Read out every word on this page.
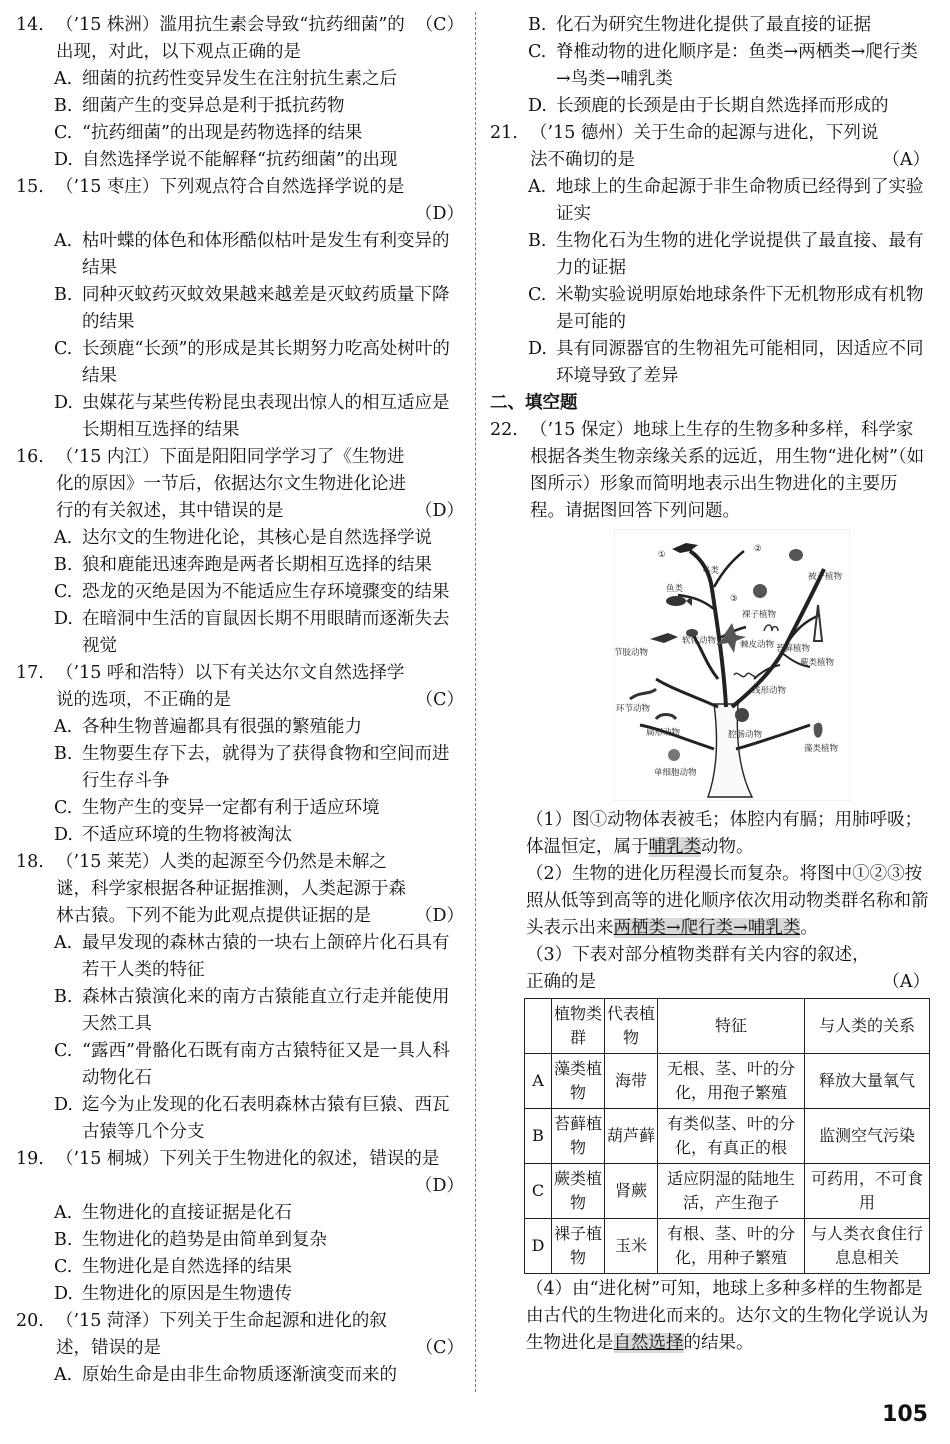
14.	（C）
（’15 株洲）滥用抗生素会导致“抗药细菌”的出现，对此，以下观点正确的是
A. 细菌的抗药性变异发生在注射抗生素之后
B. 细菌产生的变异总是利于抵抗药物
C. “抗药细菌”的出现是药物选择的结果
D. 自然选择学说不能解释“抗药细菌”的出现
15. （’15 枣庄）下列观点符合自然选择学说的是
（D）
A. 枯叶蝶的体色和体形酷似枯叶是发生有利变异的结果
B. 同种灭蚊药灭蚊效果越来越差是灭蚊药质量下降的结果
C. 长颈鹿“长颈”的形成是其长期努力吃高处树叶的结果
D. 虫媒花与某些传粉昆虫表现出惊人的相互适应是长期相互选择的结果
16.
（D）
（’15 内江）下面是阳阳同学学习了《生物进化的原因》一节后，依据达尔文生物进化论进行的有关叙述，其中错误的是
A. 达尔文的生物进化论，其核心是自然选择学说
B. 狼和鹿能迅速奔跑是两者长期相互选择的结果
C. 恐龙的灭绝是因为不能适应生存环境骤变的结果
D. 在暗洞中生活的盲鼠因长期不用眼睛而逐渐失去视觉
17.
（C）
（’15 呼和浩特）以下有关达尔文自然选择学说的选项，不正确的是
A. 各种生物普遍都具有很强的繁殖能力
B. 生物要生存下去，就得为了获得食物和空间而进行生存斗争
C. 生物产生的变异一定都有利于适应环境
D. 不适应环境的生物将被淘汰
18.
（D）
（’15 莱芜）人类的起源至今仍然是未解之谜，科学家根据各种证据推测，人类起源于森林古猿。下列不能为此观点提供证据的是
A. 最早发现的森林古猿的一块右上颌碎片化石具有若干人类的特征
B. 森林古猿演化来的南方古猿能直立行走并能使用天然工具
C. “露西”骨骼化石既有南方古猿特征又是一具人科动物化石
D. 迄今为止发现的化石表明森林古猿有巨猿、西瓦古猿等几个分支
19. （’15 桐城）下列关于生物进化的叙述，错误的是
（D）
A. 生物进化的直接证据是化石
B. 生物进化的趋势是由简单到复杂
C. 生物进化是自然选择的结果
D. 生物进化的原因是生物遗传
20.
（C）
（’15 菏泽）下列关于生命起源和进化的叙述，错误的是
A. 原始生命是由非生命物质逐渐演变而来的
B. 化石为研究生物进化提供了最直接的证据
C. 脊椎动物的进化顺序是：鱼类→两栖类→爬行类→鸟类→哺乳类
D. 长颈鹿的长颈是由于长期自然选择而形成的
21.
（A）
（’15 德州）关于生命的起源与进化，下列说法不确切的是
A. 地球上的生命起源于非生命物质已经得到了实验证实
B. 生物化石为生物的进化学说提供了最直接、最有力的证据
C. 米勒实验说明原始地球条件下无机物形成有机物是可能的
D. 具有同源器官的生物祖先可能相同，因适应不同环境导致了差异
二、填空题
22. （’15 保定）地球上生存的生物多种多样，科学家根据各类生物亲缘关系的远近，用生物“进化树”（如图所示）形象而简明地表示出生物进化的主要历程。请据图回答下列问题。
①
②
③
鸟类
鱼类
被子植物
裸子植物
节肢动物
软体动物	棘皮动物 苔藓植物
蕨类植物
线形动物
环节动物
扁形动物	腔肠动物
藻类植物
单细胞动物
（1）图①动物体表被毛；体腔内有膈；用肺呼吸；体温恒定，属于哺乳类动物。
（2）生物的进化历程漫长而复杂。将图中①②③按照从低等到高等的进化顺序依次用动物类群名称和箭头表示出来两栖类→爬行类→哺乳类。
（A）
（3）下表对部分植物类群有关内容的叙述，正确的是
	植物类群	代表植物	特征	与人类的关系
A	藻类植物	海带	无根、茎、叶的分化，用孢子繁殖	释放大量氧气
B	苔藓植物	葫芦藓	有类似茎、叶的分化，有真正的根	监测空气污染
C	蕨类植物	肾蕨	适应阴湿的陆地生活，产生孢子	可药用，不可食用
D	裸子植物	玉米	有根、茎、叶的分化，用种子繁殖	与人类衣食住行息息相关
（4）由“进化树”可知，地球上多种多样的生物都是由古代的生物进化而来的。达尔文的生物化学说认为生物进化是自然选择的结果。
105
